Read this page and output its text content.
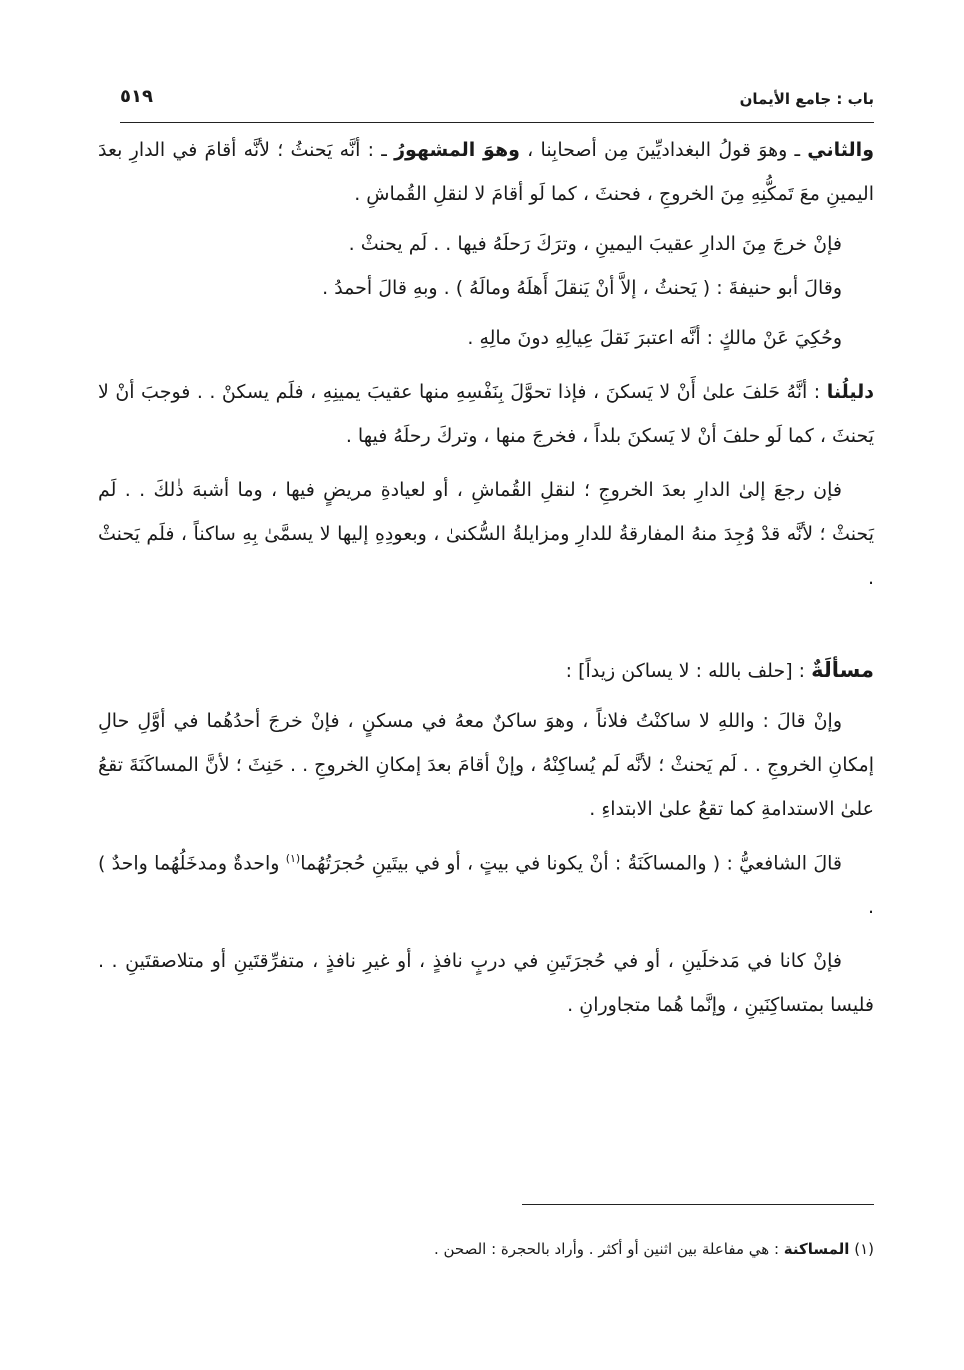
باب : جامع الأيمان
٥١٩

والثاني ـ وهوَ قولُ البغداديِّينَ مِن أصحابِنا ، وهوَ المشهورُ ـ : أنَّه يَحنثُ ؛ لأنَّه أقامَ في الدارِ بعدَ اليمينِ معَ تَمكُّنِهِ مِنَ الخروجِ ، فحنثَ ، كما لَو أقامَ لا لنقلِ القُماشِ .

فإنْ خرجَ مِنَ الدارِ عقيبَ اليمينِ ، وترَكَ رَحلَهُ فيها . . لَم يحنثْ .

وقالَ أبو حنيفةَ : ( يَحنثُ ، إلاَّ أنْ يَنقلَ أَهلَهُ ومالَهُ ) . وبهِ قالَ أحمدُ .

وحُكِيَ عَنْ مالكٍ : أنَّه اعتبرَ نَقلَ عِيالِهِ دونَ مالِهِ .

دليلُنا : أنَّهُ حَلفَ علىٰ أَنْ لا يَسكنَ ، فإذا تحوَّلَ بِنَفْسِهِ منها عقيبَ يمينِهِ ، فلَم يسكنْ . . فوجبَ أنْ لا يَحنثَ ، كما لَو حلفَ أنْ لا يَسكنَ بلداً ، فخرجَ منها ، وتركَ رحلَهُ فيها .

فإن رجعَ إلىٰ الدارِ بعدَ الخروجِ ؛ لنقلِ القُماشِ ، أو لعيادةِ مريضٍ فيها ، وما أشبهَ ذٰلكَ . . لَم يَحنثْ ؛ لأنَّه قدْ وُجِدَ منهُ المفارقةُ للدارِ ومزايلةُ السُّكنىٰ ، وبعودِهِ إليها لا يسمَّىٰ بِهِ ساكناً ، فلَم يَحنثْ .

مسألَةٌ : [حلف بالله : لا يساكن زيداً] :

وإنْ قالَ : واللهِ لا ساكنْتُ فلاناً ، وهوَ ساكنٌ معهُ في مسكنٍ ، فإنْ خرجَ أحدُهُما في أوَّلِ حالِ إمكانِ الخروجِ . . لَم يَحنثْ ؛ لأنَّه لَم يُساكِنْهُ ، وإنْ أقامَ بعدَ إمكانِ الخروجِ . . حَنِثَ ؛ لأنَّ المساكَنَةَ تقعُ علىٰ الاستدامةِ كما تقعُ علىٰ الابتداءِ .

قالَ الشافعيُّ : ( والمساكَنَةُ : أنْ يكونا في بيتٍ ، أو في بيتَينِ حُجرَتُهُما$^{(١)}$ واحدةٌ ومدخَلُهُما واحدٌ ) .

فإنْ كانا في مَدخلَينِ ، أو في حُجرَتَينِ في دربٍ نافذٍ ، أو غيرِ نافذٍ ، متفرِّقتَينِ أو متلاصقتَينِ . . فليسا بمتساكِنَينِ ، وإنَّما هُما متجاورانِ .

(١) المساكنة : هي مفاعلة بين اثنين أو أكثر . وأراد بالحجرة : الصحن .
